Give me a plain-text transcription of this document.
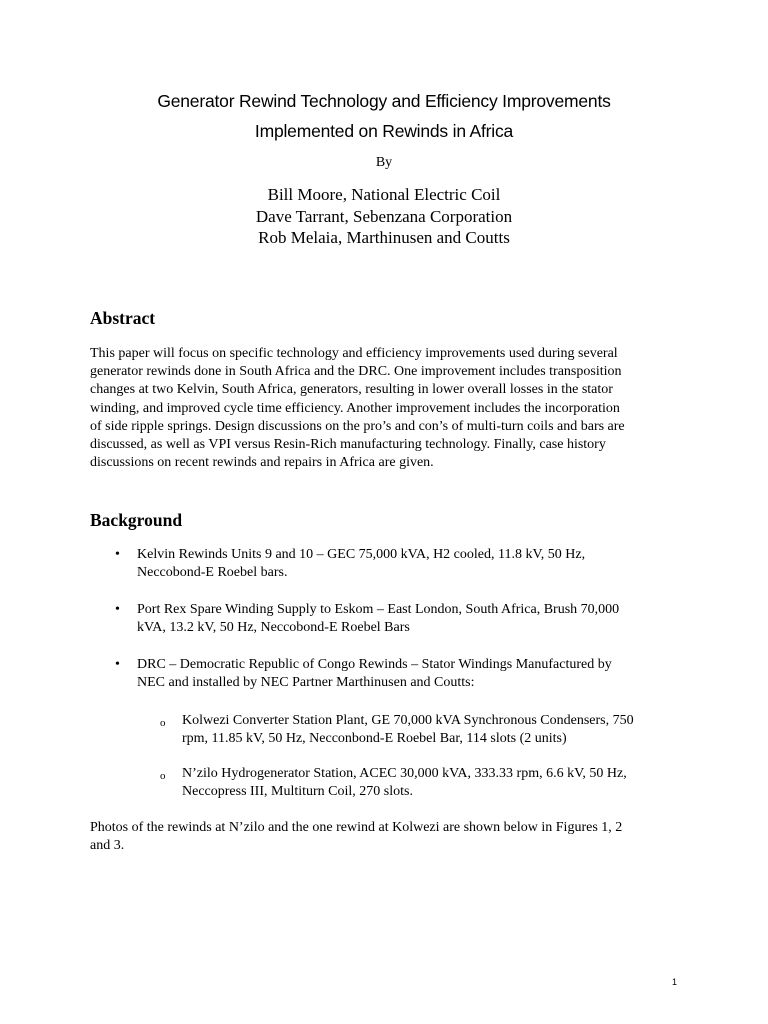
Generator Rewind Technology and Efficiency Improvements
Implemented on Rewinds in Africa
By
Bill Moore, National Electric Coil
Dave Tarrant, Sebenzana Corporation
Rob Melaia, Marthinusen and Coutts
Abstract
This paper will focus on specific technology and efficiency improvements used during several
generator rewinds done in South Africa and the DRC. One improvement includes transposition
changes at two Kelvin, South Africa, generators, resulting in lower overall losses in the stator
winding, and improved cycle time efficiency. Another improvement includes the incorporation
of side ripple springs. Design discussions on the pro’s and con’s of multi-turn coils and bars are
discussed, as well as VPI versus Resin-Rich manufacturing technology. Finally, case history
discussions on recent rewinds and repairs in Africa are given.
Background
• Kelvin Rewinds Units 9 and 10 – GEC 75,000 kVA, H2 cooled, 11.8 kV, 50 Hz,
Neccobond-E Roebel bars.
• Port Rex Spare Winding Supply to Eskom – East London, South Africa, Brush 70,000
kVA, 13.2 kV, 50 Hz, Neccobond-E Roebel Bars
• DRC – Democratic Republic of Congo Rewinds – Stator Windings Manufactured by
NEC and installed by NEC Partner Marthinusen and Coutts:
o Kolwezi Converter Station Plant, GE 70,000 kVA Synchronous Condensers, 750
rpm, 11.85 kV, 50 Hz, Necconbond-E Roebel Bar, 114 slots (2 units)
o N’zilo Hydrogenerator Station, ACEC 30,000 kVA, 333.33 rpm, 6.6 kV, 50 Hz,
Neccopress III, Multiturn Coil, 270 slots.
Photos of the rewinds at N’zilo and the one rewind at Kolwezi are shown below in Figures 1, 2
and 3.
1
